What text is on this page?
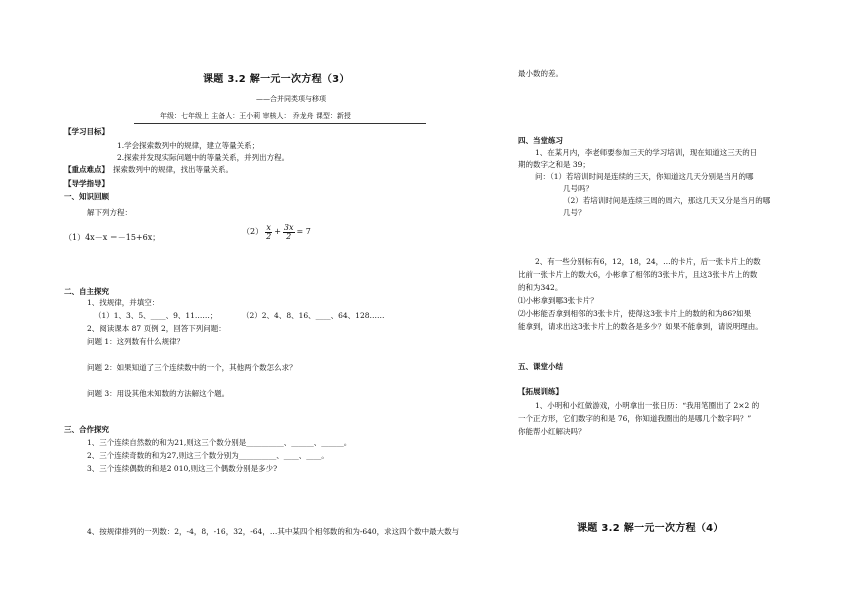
课题 3.2 解一元一次方程（3）
——合并同类项与移项
年级：七年级上 主备人：王小莉 审核人： 乔龙舟 课型：新授
【学习目标】
1.学会探索数列中的规律，建立等量关系；
2.探索并发现实际问题中的等量关系，并列出方程。
【重点难点】 探索数列中的规律，找出等量关系。
【导学指导】
一、知识回顾
解下列方程：
（1）4x－x ＝－15+6x；
$(2) \frac{x}{2} + \frac{3x}{2} = 7$
二、自主探究
1、找规律，并填空：
（1）1、3、5、____、9、11……；	（2）2、4、8、16、____、64、128……
2、阅读课本 87 页例 2，回答下列问题：
问题 1：这列数有什么规律？
问题 2：如果知道了三个连续数中的一个，其他两个数怎么求？
问题 3：用设其他未知数的方法解这个题。
三、合作探究
1、三个连续自然数的和为21,则这三个数分别是__________、______、______。
2、三个连续奇数的和为27,则这三个数分别为__________、____、____。
3、三个连续偶数的和是2 010,则这三个偶数分别是多少?
4、按规律排列的一列数：2，-4，8，-16，32，-64，…其中某四个相邻数的和为-640，求这四个数中最大数与
最小数的差。
四、当堂练习
1、在某月内，李老师要参加三天的学习培训，现在知道这三天的日
期的数字之和是 39；
问：（1）若培训时间是连续的三天，你知道这几天分别是当月的哪
几号吗？
（2）若培训时间是连续三周的周六，那这几天又分是当月的哪
几号？
2、有一些分别标有6，12，18，24，…的卡片，后一张卡片上的数
比前一张卡片上的数大6，小彬拿了相邻的3张卡片，且这3张卡片上的数
的和为342。
⑴小彬拿到哪3张卡片？
⑵小彬能否拿到相邻的3张卡片，使得这3张卡片上的数的和为86?如果
能拿到，请求出这3张卡片上的数各是多少？如果不能拿到，请说明理由。
五、课堂小结
【拓展训练】
1、小明和小红做游戏，小明拿出一张日历：“我用笔圈出了 2×2 的
一个正方形，它们数字的和是 76，你知道我圈出的是哪几个数字吗？”
你能帮小红解决吗？
课题 3.2 解一元一次方程（4）
